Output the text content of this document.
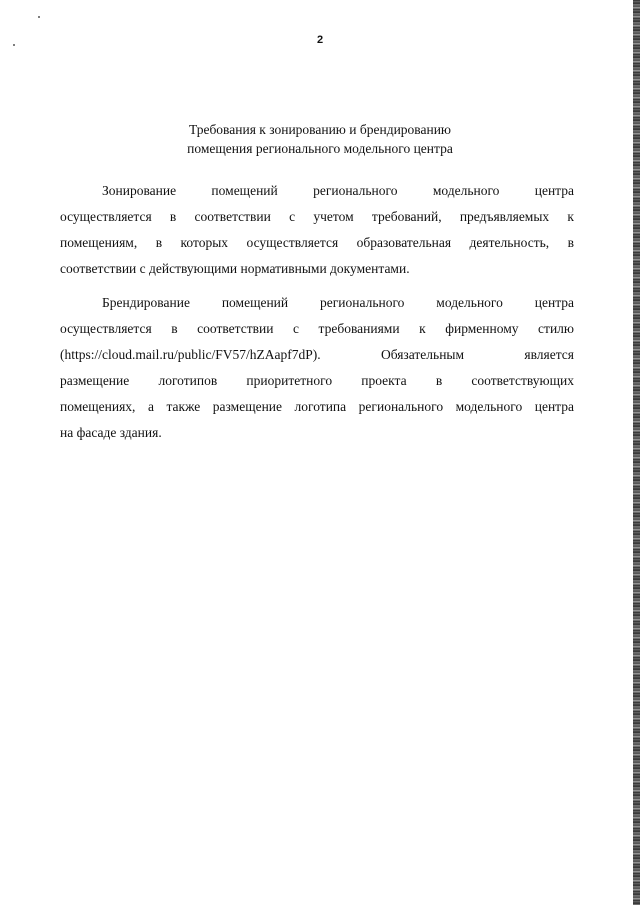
2
Требования к зонированию и брендированию
помещения регионального модельного центра
Зонирование помещений регионального модельного центра
осуществляется в соответствии с учетом требований, предъявляемых к
помещениям, в которых осуществляется образовательная деятельность, в
соответствии с действующими нормативными документами.
Брендирование помещений регионального модельного центра
осуществляется в соответствии с требованиями к фирменному стилю
(https://cloud.mail.ru/public/FV57/hZAapf7dP). Обязательным является
размещение логотипов приоритетного проекта в соответствующих
помещениях, а также размещение логотипа регионального модельного центра
на фасаде здания.
